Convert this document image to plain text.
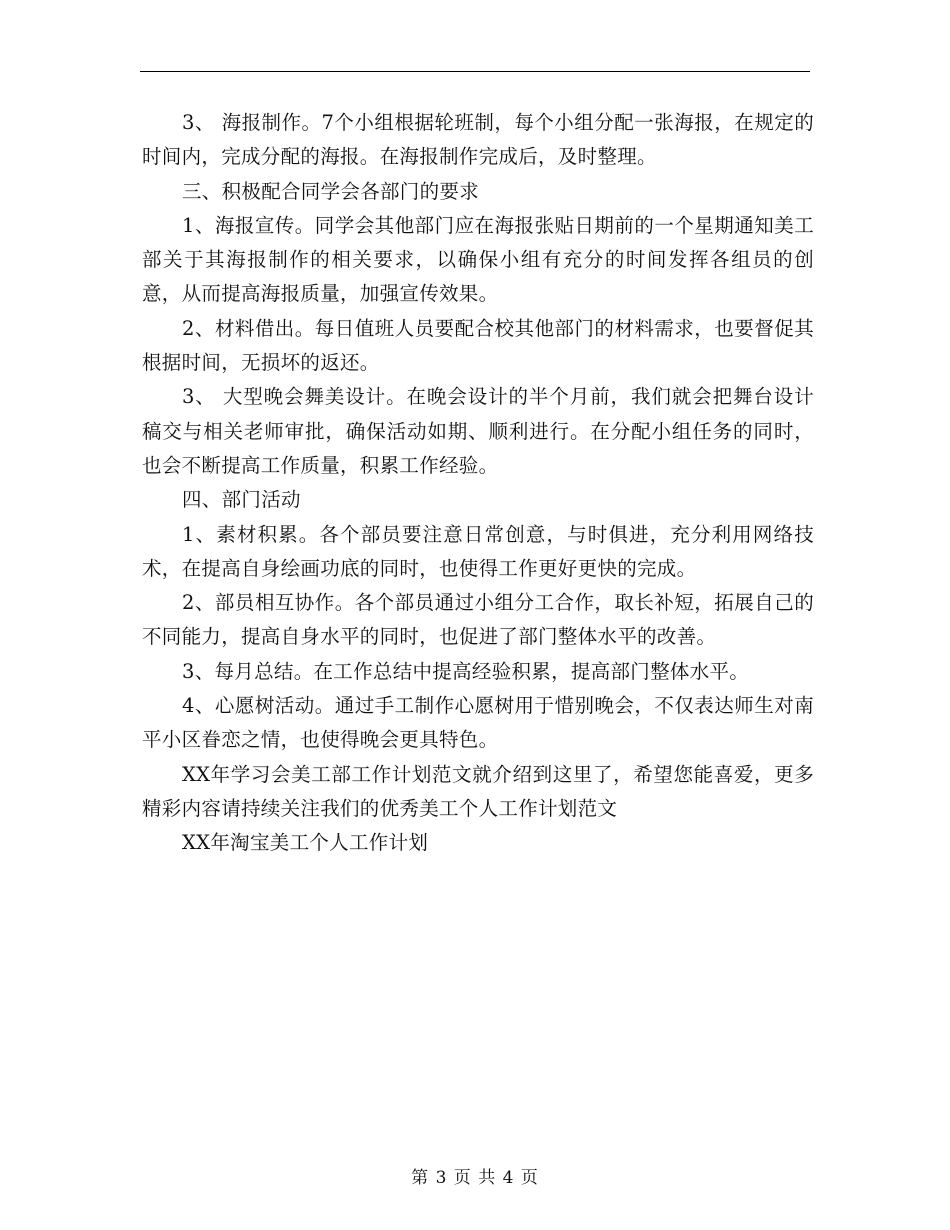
3、 海报制作。7个小组根据轮班制，每个小组分配一张海报，在规定的时间内，完成分配的海报。在海报制作完成后，及时整理。

三、积极配合同学会各部门的要求

1、海报宣传。同学会其他部门应在海报张贴日期前的一个星期通知美工部关于其海报制作的相关要求，以确保小组有充分的时间发挥各组员的创意，从而提高海报质量，加强宣传效果。

2、材料借出。每日值班人员要配合校其他部门的材料需求，也要督促其根据时间，无损坏的返还。

3、 大型晚会舞美设计。在晚会设计的半个月前，我们就会把舞台设计稿交与相关老师审批，确保活动如期、顺利进行。在分配小组任务的同时，也会不断提高工作质量，积累工作经验。

四、部门活动

1、素材积累。各个部员要注意日常创意，与时俱进，充分利用网络技术，在提高自身绘画功底的同时，也使得工作更好更快的完成。

2、部员相互协作。各个部员通过小组分工合作，取长补短，拓展自己的不同能力，提高自身水平的同时，也促进了部门整体水平的改善。

3、每月总结。在工作总结中提高经验积累，提高部门整体水平。

4、心愿树活动。通过手工制作心愿树用于惜别晚会，不仅表达师生对南平小区眷恋之情，也使得晚会更具特色。

XX年学习会美工部工作计划范文就介绍到这里了，希望您能喜爱，更多精彩内容请持续关注我们的优秀美工个人工作计划范文

XX年淘宝美工个人工作计划

第 3 页 共 4 页
